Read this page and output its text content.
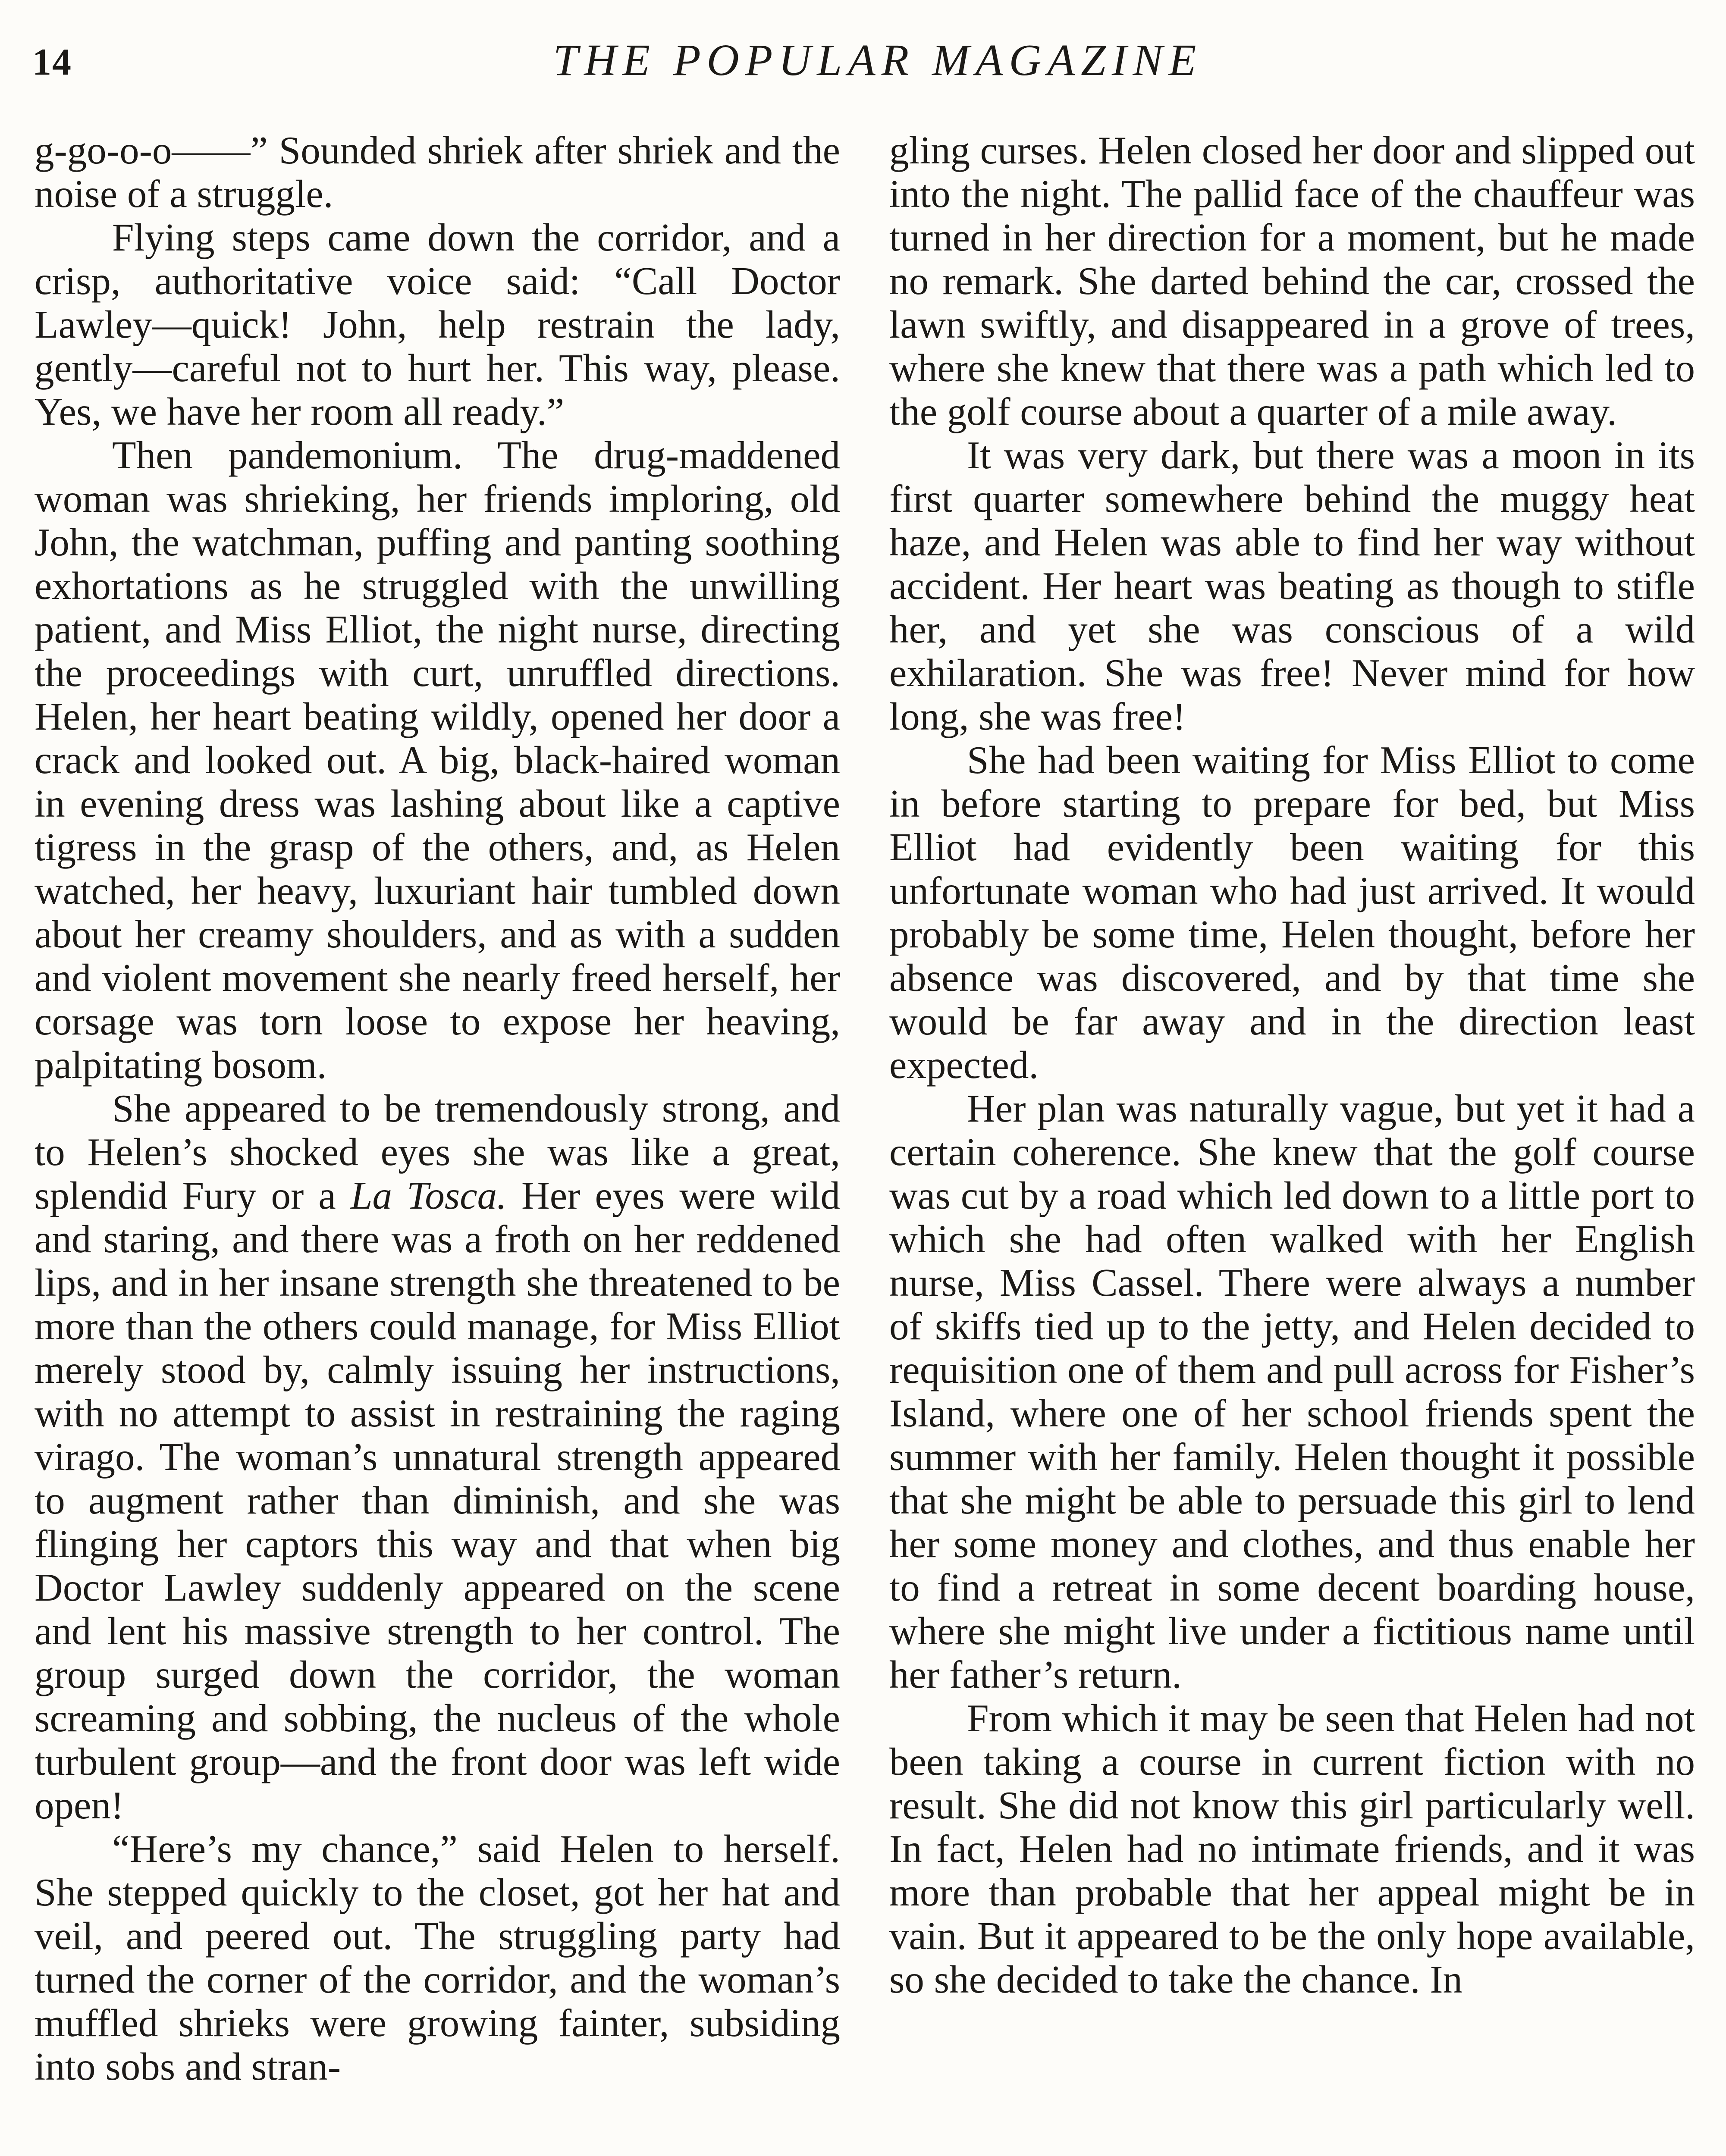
14	THE POPULAR MAGAZINE

g-go-o-o——” Sounded shriek after shriek and the noise of a struggle.

Flying steps came down the corridor, and a crisp, authoritative voice said: “Call Doctor Lawley—quick! John, help restrain the lady, gently—careful not to hurt her. This way, please. Yes, we have her room all ready.”

Then pandemonium. The drug-maddened woman was shrieking, her friends imploring, old John, the watchman, puffing and panting soothing exhortations as he struggled with the unwilling patient, and Miss Elliot, the night nurse, directing the proceedings with curt, unruffled directions. Helen, her heart beating wildly, opened her door a crack and looked out. A big, black-haired woman in evening dress was lashing about like a captive tigress in the grasp of the others, and, as Helen watched, her heavy, luxuriant hair tumbled down about her creamy shoulders, and as with a sudden and violent movement she nearly freed herself, her corsage was torn loose to expose her heaving, palpitating bosom.

She appeared to be tremendously strong, and to Helen’s shocked eyes she was like a great, splendid Fury or a La Tosca. Her eyes were wild and staring, and there was a froth on her reddened lips, and in her insane strength she threatened to be more than the others could manage, for Miss Elliot merely stood by, calmly issuing her instructions, with no attempt to assist in restraining the raging virago. The woman’s unnatural strength appeared to augment rather than diminish, and she was flinging her captors this way and that when big Doctor Lawley suddenly appeared on the scene and lent his massive strength to her control. The group surged down the corridor, the woman screaming and sobbing, the nucleus of the whole turbulent group—and the front door was left wide open!

“Here’s my chance,” said Helen to herself. She stepped quickly to the closet, got her hat and veil, and peered out. The struggling party had turned the corner of the corridor, and the woman’s muffled shrieks were growing fainter, subsiding into sobs and stran-

gling curses. Helen closed her door and slipped out into the night. The pallid face of the chauffeur was turned in her direction for a moment, but he made no remark. She darted behind the car, crossed the lawn swiftly, and disappeared in a grove of trees, where she knew that there was a path which led to the golf course about a quarter of a mile away.

It was very dark, but there was a moon in its first quarter somewhere behind the muggy heat haze, and Helen was able to find her way without accident. Her heart was beating as though to stifle her, and yet she was conscious of a wild exhilaration. She was free! Never mind for how long, she was free!

She had been waiting for Miss Elliot to come in before starting to prepare for bed, but Miss Elliot had evidently been waiting for this unfortunate woman who had just arrived. It would probably be some time, Helen thought, before her absence was discovered, and by that time she would be far away and in the direction least expected.

Her plan was naturally vague, but yet it had a certain coherence. She knew that the golf course was cut by a road which led down to a little port to which she had often walked with her English nurse, Miss Cassel. There were always a number of skiffs tied up to the jetty, and Helen decided to requisition one of them and pull across for Fisher’s Island, where one of her school friends spent the summer with her family. Helen thought it possible that she might be able to persuade this girl to lend her some money and clothes, and thus enable her to find a retreat in some decent boarding house, where she might live under a fictitious name until her father’s return.

From which it may be seen that Helen had not been taking a course in current fiction with no result. She did not know this girl particularly well. In fact, Helen had no intimate friends, and it was more than probable that her appeal might be in vain. But it appeared to be the only hope available, so she decided to take the chance. In
